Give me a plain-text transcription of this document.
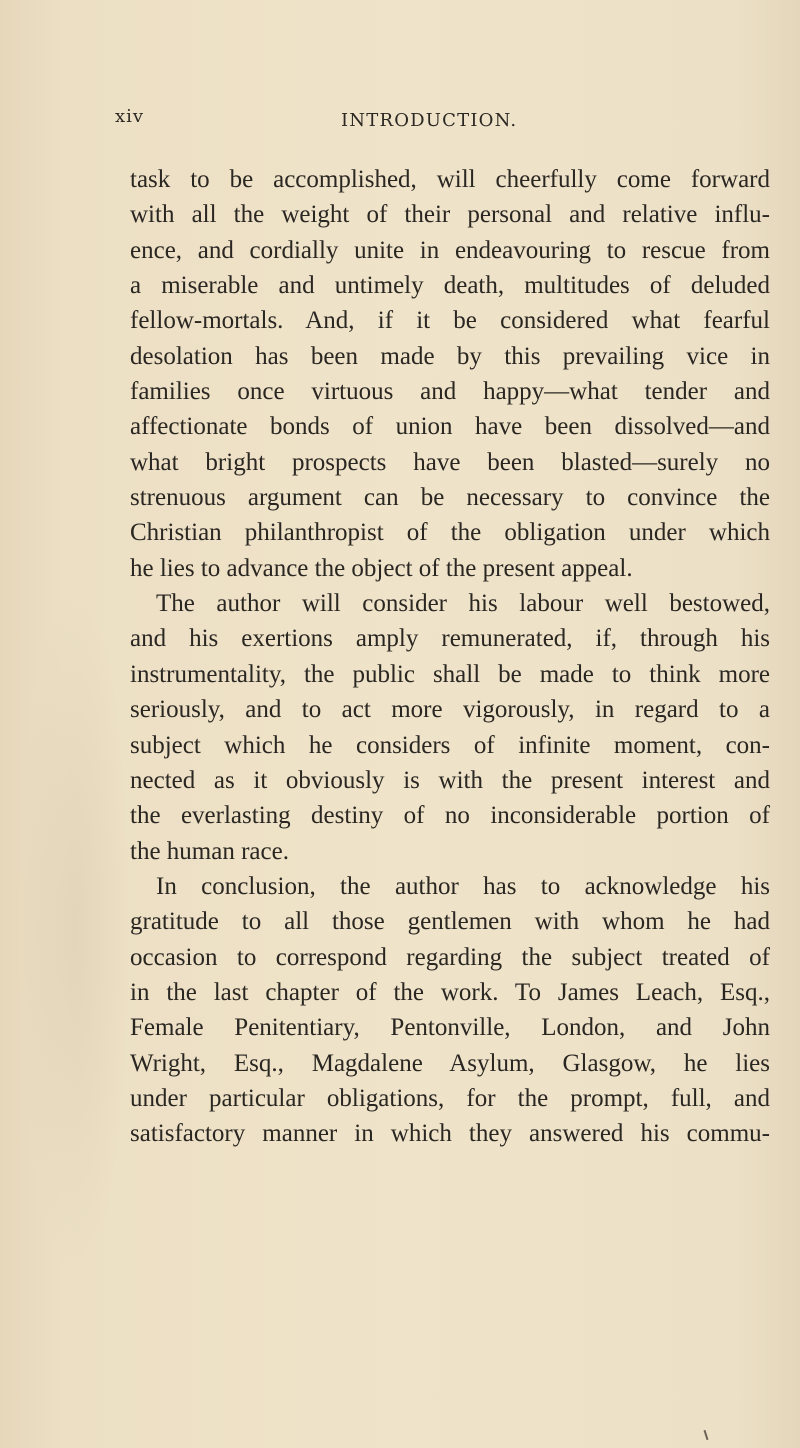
xiv	INTRODUCTION.
task to be accomplished, will cheerfully come forward
with all the weight of their personal and relative influ-
ence, and cordially unite in endeavouring to rescue from
a miserable and untimely death, multitudes of deluded
fellow-mortals. And, if it be considered what fearful
desolation has been made by this prevailing vice in
families once virtuous and happy—what tender and
affectionate bonds of union have been dissolved—and
what bright prospects have been blasted—surely no
strenuous argument can be necessary to convince the
Christian philanthropist of the obligation under which
he lies to advance the object of the present appeal.
The author will consider his labour well bestowed,
and his exertions amply remunerated, if, through his
instrumentality, the public shall be made to think more
seriously, and to act more vigorously, in regard to a
subject which he considers of infinite moment, con-
nected as it obviously is with the present interest and
the everlasting destiny of no inconsiderable portion of
the human race.
In conclusion, the author has to acknowledge his
gratitude to all those gentlemen with whom he had
occasion to correspond regarding the subject treated of
in the last chapter of the work. To James Leach, Esq.,
Female Penitentiary, Pentonville, London, and John
Wright, Esq., Magdalene Asylum, Glasgow, he lies
under particular obligations, for the prompt, full, and
satisfactory manner in which they answered his commu-
